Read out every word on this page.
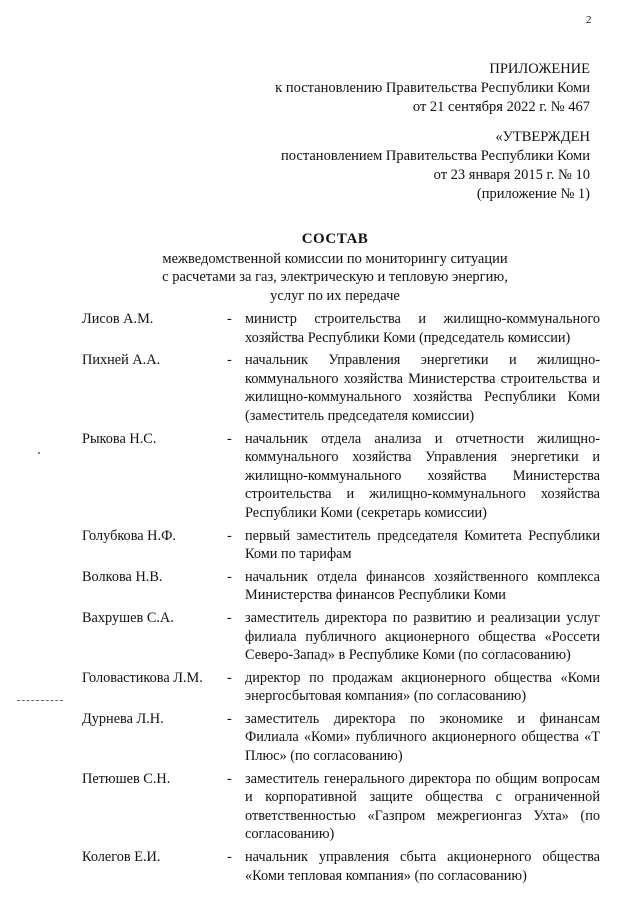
2
ПРИЛОЖЕНИЕ
к постановлению Правительства Республики Коми
от 21 сентября 2022 г. № 467
«УТВЕРЖДЕН
постановлением Правительства Республики Коми
от 23 января 2015 г. № 10
(приложение № 1)
СОСТАВ
межведомственной комиссии по мониторингу ситуации
с расчетами за газ, электрическую и тепловую энергию,
услуг по их передаче
Лисов А.М.	- министр строительства и жилищно-коммунального хозяйства Республики Коми (председатель комиссии)
Пихней А.А.	- начальник Управления энергетики и жилищно-коммунального хозяйства Министерства строительства и жилищно-коммунального хозяйства Республики Коми (заместитель председателя комиссии)
Рыкова Н.С.	- начальник отдела анализа и отчетности жилищно-коммунального хозяйства Управления энергетики и жилищно-коммунального хозяйства Министерства строительства и жилищно-коммунального хозяйства Республики Коми (секретарь комиссии)
Голубкова Н.Ф.	- первый заместитель председателя Комитета Республики Коми по тарифам
Волкова Н.В.	- начальник отдела финансов хозяйственного комплекса Министерства финансов Республики Коми
Вахрушев С.А.	- заместитель директора по развитию и реализации услуг филиала публичного акционерного общества «Россети Северо-Запад» в Республике Коми (по согласованию)
Головастикова Л.М.	- директор по продажам акционерного общества «Коми энергосбытовая компания» (по согласованию)
Дурнева Л.Н.	- заместитель директора по экономике и финансам Филиала «Коми» публичного акционерного общества «Т Плюс» (по согласованию)
Петюшев С.Н.	- заместитель генерального директора по общим вопросам и корпоративной защите общества с ограниченной ответственностью «Газпром межрегионгаз Ухта» (по согласованию)
Колегов Е.И.	- начальник управления сбыта акционерного общества «Коми тепловая компания» (по согласованию)
